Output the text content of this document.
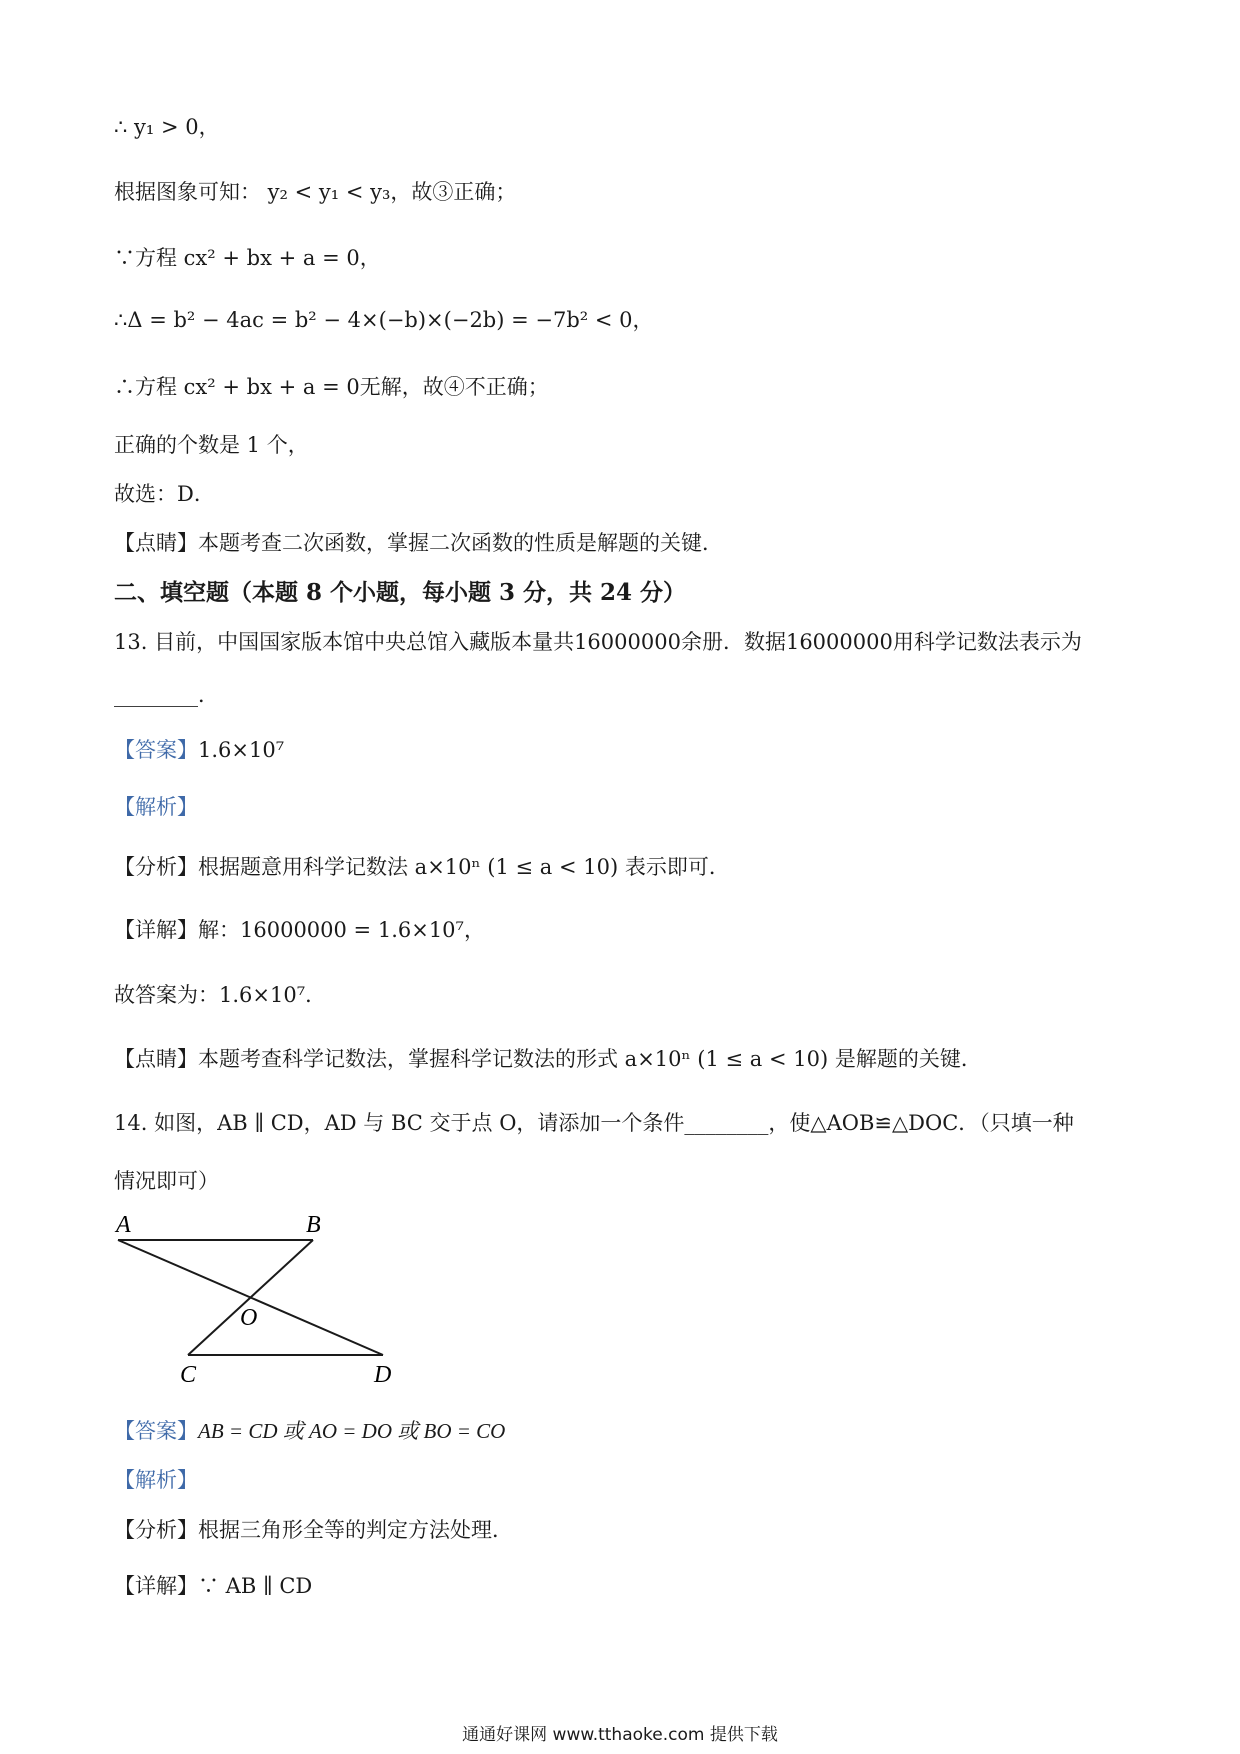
∴ y₁ > 0，
根据图象可知： y₂ < y₁ < y₃，故③正确；
∵方程 cx² + bx + a = 0，
∴Δ = b² − 4ac = b² − 4×(−b)×(−2b) = −7b² < 0，
∴方程 cx² + bx + a = 0无解，故④不正确；
正确的个数是 1 个，
故选：D．
【点睛】本题考查二次函数，掌握二次函数的性质是解题的关键．
二、填空题（本题 8 个小题，每小题 3 分，共 24 分）
13. 目前，中国国家版本馆中央总馆入藏版本量共16000000余册．数据16000000用科学记数法表示为
________．
【答案】1.6×10⁷
【解析】
【分析】根据题意用科学记数法 a×10ⁿ (1 ≤ a < 10) 表示即可．
【详解】解：16000000 = 1.6×10⁷，
故答案为：1.6×10⁷．
【点睛】本题考查科学记数法，掌握科学记数法的形式 a×10ⁿ (1 ≤ a < 10) 是解题的关键．
14. 如图，AB ∥ CD，AD 与 BC 交于点 O，请添加一个条件________，使△AOB≌△DOC．（只填一种
情况即可）
A	B
O
C	D
【答案】AB = CD 或 AO = DO 或 BO = CO
【解析】
【分析】根据三角形全等的判定方法处理．
【详解】∵ AB ∥ CD
通通好课网 www.tthaoke.com 提供下载
